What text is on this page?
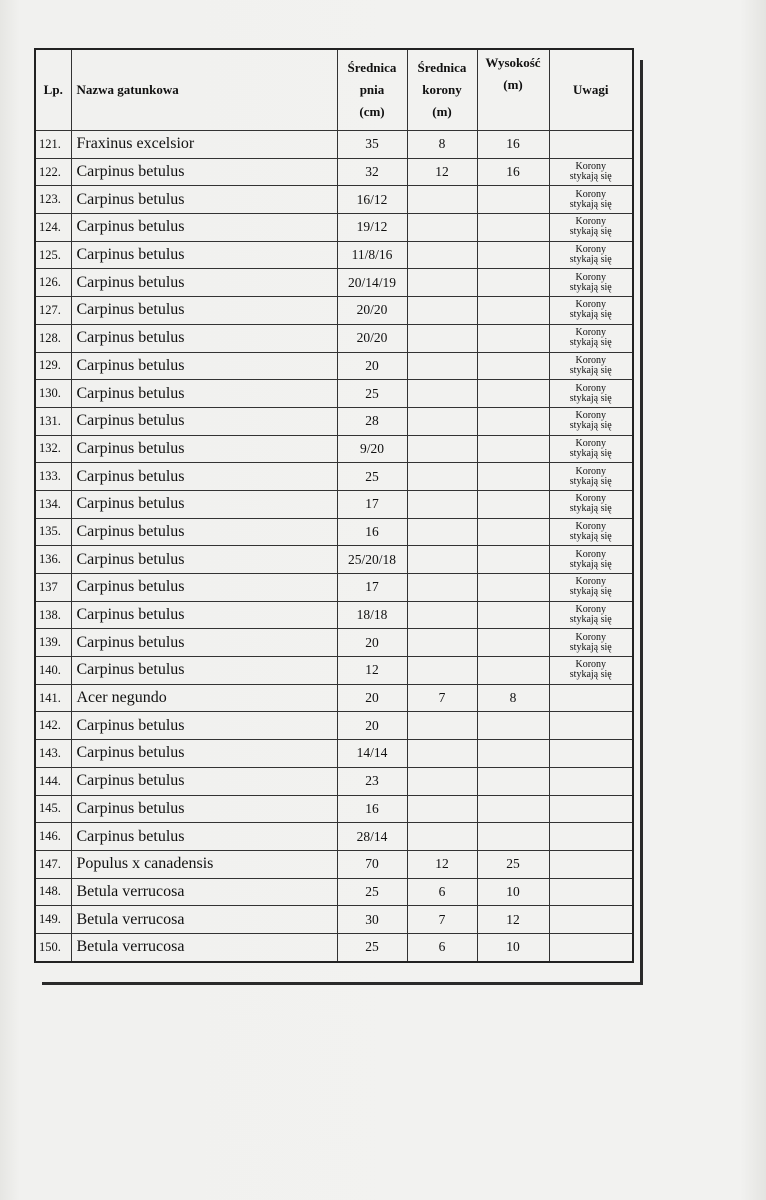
Lp.	Nazwa gatunkowa	Średnica
pnia
(cm)	Średnica
korony
(m)	Wysokość
(m)	Uwagi

121.	Fraxinus excelsior	35	8	16	

122.	Carpinus betulus	32	12	16	Korony
stykają się

123.	Carpinus betulus	16/12			Korony
stykają się

124.	Carpinus betulus	19/12			Korony
stykają się

125.	Carpinus betulus	11/8/16			Korony
stykają się

126.	Carpinus betulus	20/14/19			Korony
stykają się

127.	Carpinus betulus	20/20			Korony
stykają się

128.	Carpinus betulus	20/20			Korony
stykają się

129.	Carpinus betulus	20			Korony
stykają się

130.	Carpinus betulus	25			Korony
stykają się

131.	Carpinus betulus	28			Korony
stykają się

132.	Carpinus betulus	9/20			Korony
stykają się

133.	Carpinus betulus	25			Korony
stykają się

134.	Carpinus betulus	17			Korony
stykają się

135.	Carpinus betulus	16			Korony
stykają się

136.	Carpinus betulus	25/20/18			Korony
stykają się

137	Carpinus betulus	17			Korony
stykają się

138.	Carpinus betulus	18/18			Korony
stykają się

139.	Carpinus betulus	20			Korony
stykają się

140.	Carpinus betulus	12			Korony
stykają się

141.	Acer negundo	20	7	8	

142.	Carpinus betulus	20			

143.	Carpinus betulus	14/14			

144.	Carpinus betulus	23			

145.	Carpinus betulus	16			

146.	Carpinus betulus	28/14			

147.	Populus x canadensis	70	12	25	

148.	Betula verrucosa	25	6	10	

149.	Betula verrucosa	30	7	12	

150.	Betula verrucosa	25	6	10	
